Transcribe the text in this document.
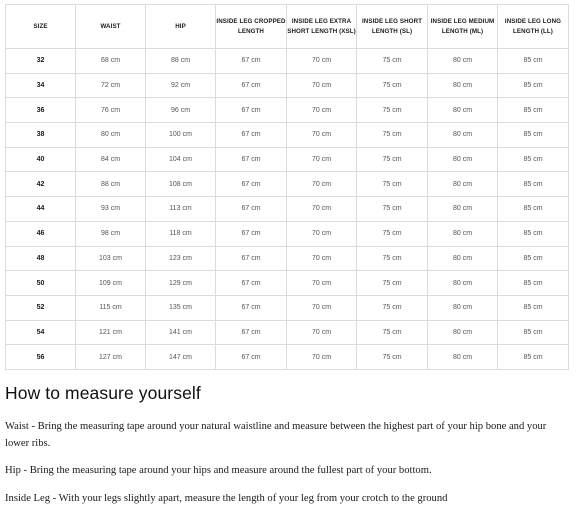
SIZE	WAIST	HIP	INSIDE LEG CROPPED LENGTH	INSIDE LEG EXTRA SHORT LENGTH (XSL)	INSIDE LEG SHORT LENGTH (SL)	INSIDE LEG MEDIUM LENGTH (ML)	INSIDE LEG LONG LENGTH (LL)
32	68 cm	88 cm	67 cm	70 cm	75 cm	80 cm	85 cm
34	72 cm	92 cm	67 cm	70 cm	75 cm	80 cm	85 cm
36	76 cm	96 cm	67 cm	70 cm	75 cm	80 cm	85 cm
38	80 cm	100 cm	67 cm	70 cm	75 cm	80 cm	85 cm
40	84 cm	104 cm	67 cm	70 cm	75 cm	80 cm	85 cm
42	88 cm	108 cm	67 cm	70 cm	75 cm	80 cm	85 cm
44	93 cm	113 cm	67 cm	70 cm	75 cm	80 cm	85 cm
46	98 cm	118 cm	67 cm	70 cm	75 cm	80 cm	85 cm
48	103 cm	123 cm	67 cm	70 cm	75 cm	80 cm	85 cm
50	109 cm	129 cm	67 cm	70 cm	75 cm	80 cm	85 cm
52	115 cm	135 cm	67 cm	70 cm	75 cm	80 cm	85 cm
54	121 cm	141 cm	67 cm	70 cm	75 cm	80 cm	85 cm
56	127 cm	147 cm	67 cm	70 cm	75 cm	80 cm	85 cm
How to measure yourself

Waist - Bring the measuring tape around your natural waistline and measure between the highest part of your hip bone and your lower ribs.

Hip - Bring the measuring tape around your hips and measure around the fullest part of your bottom.

Inside Leg - With your legs slightly apart, measure the length of your leg from your crotch to the ground
